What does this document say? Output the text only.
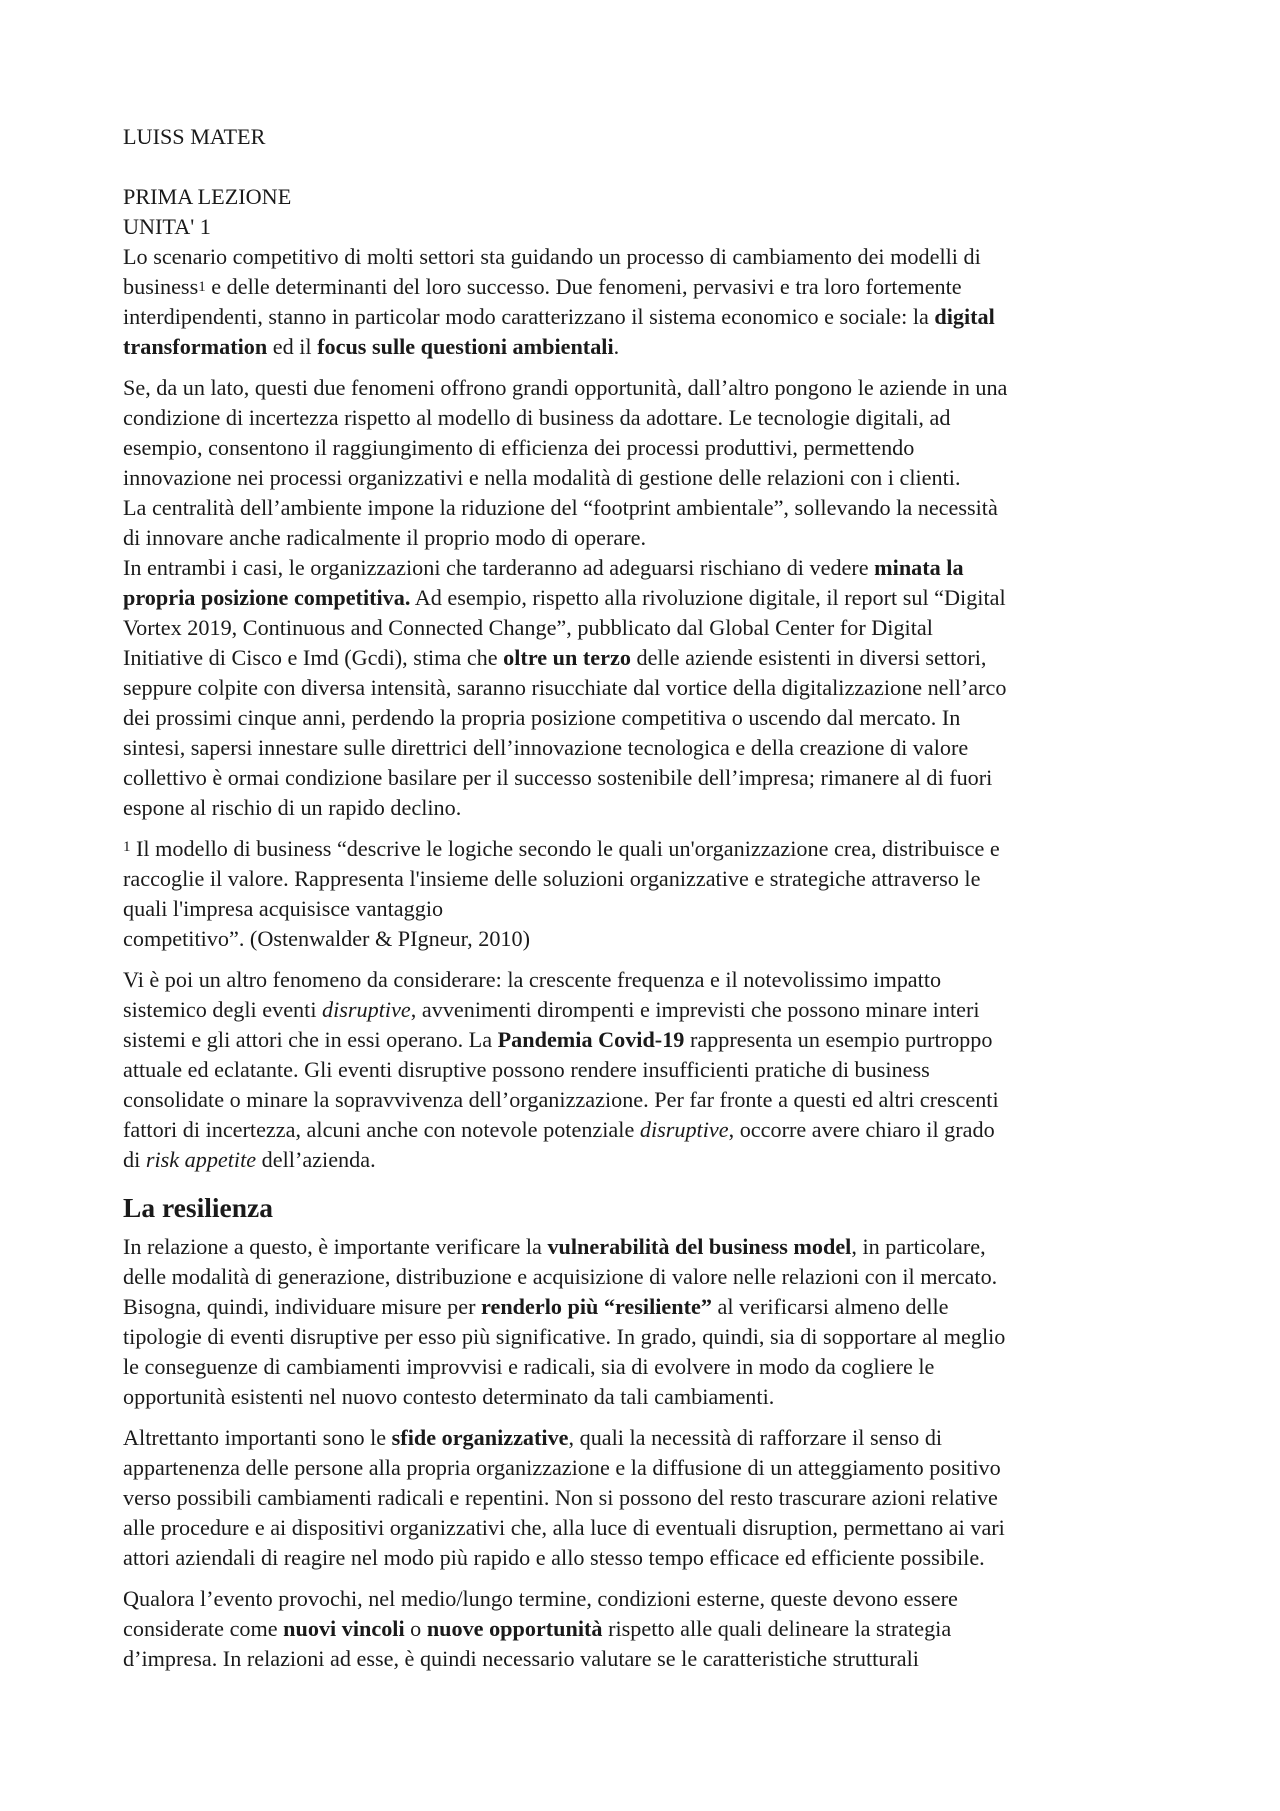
LUISS MATER
PRIMA LEZIONE
UNITA' 1
Lo scenario competitivo di molti settori sta guidando un processo di cambiamento dei modelli di
business$^1$ e delle determinanti del loro successo. Due fenomeni, pervasivi e tra loro fortemente
interdipendenti, stanno in particolar modo caratterizzano il sistema economico e sociale: la digital
transformation ed il focus sulle questioni ambientali.
Se, da un lato, questi due fenomeni offrono grandi opportunità, dall’altro pongono le aziende in una
condizione di incertezza rispetto al modello di business da adottare. Le tecnologie digitali, ad
esempio, consentono il raggiungimento di efficienza dei processi produttivi, permettendo
innovazione nei processi organizzativi e nella modalità di gestione delle relazioni con i clienti.
La centralità dell’ambiente impone la riduzione del “footprint ambientale”, sollevando la necessità
di innovare anche radicalmente il proprio modo di operare.
In entrambi i casi, le organizzazioni che tarderanno ad adeguarsi rischiano di vedere minata la
propria posizione competitiva. Ad esempio, rispetto alla rivoluzione digitale, il report sul “Digital
Vortex 2019, Continuous and Connected Change”, pubblicato dal Global Center for Digital
Initiative di Cisco e Imd (Gcdi), stima che oltre un terzo delle aziende esistenti in diversi settori,
seppure colpite con diversa intensità, saranno risucchiate dal vortice della digitalizzazione nell’arco
dei prossimi cinque anni, perdendo la propria posizione competitiva o uscendo dal mercato. In
sintesi, sapersi innestare sulle direttrici dell’innovazione tecnologica e della creazione di valore
collettivo è ormai condizione basilare per il successo sostenibile dell’impresa; rimanere al di fuori
espone al rischio di un rapido declino.
$^1$ Il modello di business “descrive le logiche secondo le quali un'organizzazione crea, distribuisce e
raccoglie il valore. Rappresenta l'insieme delle soluzioni organizzative e strategiche attraverso le
quali l'impresa acquisisce vantaggio
competitivo”. (Ostenwalder & PIgneur, 2010)
Vi è poi un altro fenomeno da considerare: la crescente frequenza e il notevolissimo impatto
sistemico degli eventi disruptive, avvenimenti dirompenti e imprevisti che possono minare interi
sistemi e gli attori che in essi operano. La Pandemia Covid-19 rappresenta un esempio purtroppo
attuale ed eclatante. Gli eventi disruptive possono rendere insufficienti pratiche di business
consolidate o minare la sopravvivenza dell’organizzazione. Per far fronte a questi ed altri crescenti
fattori di incertezza, alcuni anche con notevole potenziale disruptive, occorre avere chiaro il grado
di risk appetite dell’azienda.
La resilienza
In relazione a questo, è importante verificare la vulnerabilità del business model, in particolare,
delle modalità di generazione, distribuzione e acquisizione di valore nelle relazioni con il mercato.
Bisogna, quindi, individuare misure per renderlo più “resiliente” al verificarsi almeno delle
tipologie di eventi disruptive per esso più significative. In grado, quindi, sia di sopportare al meglio
le conseguenze di cambiamenti improvvisi e radicali, sia di evolvere in modo da cogliere le
opportunità esistenti nel nuovo contesto determinato da tali cambiamenti.
Altrettanto importanti sono le sfide organizzative, quali la necessità di rafforzare il senso di
appartenenza delle persone alla propria organizzazione e la diffusione di un atteggiamento positivo
verso possibili cambiamenti radicali e repentini. Non si possono del resto trascurare azioni relative
alle procedure e ai dispositivi organizzativi che, alla luce di eventuali disruption, permettano ai vari
attori aziendali di reagire nel modo più rapido e allo stesso tempo efficace ed efficiente possibile.
Qualora l’evento provochi, nel medio/lungo termine, condizioni esterne, queste devono essere
considerate come nuovi vincoli o nuove opportunità rispetto alle quali delineare la strategia
d’impresa. In relazioni ad esse, è quindi necessario valutare se le caratteristiche strutturali
